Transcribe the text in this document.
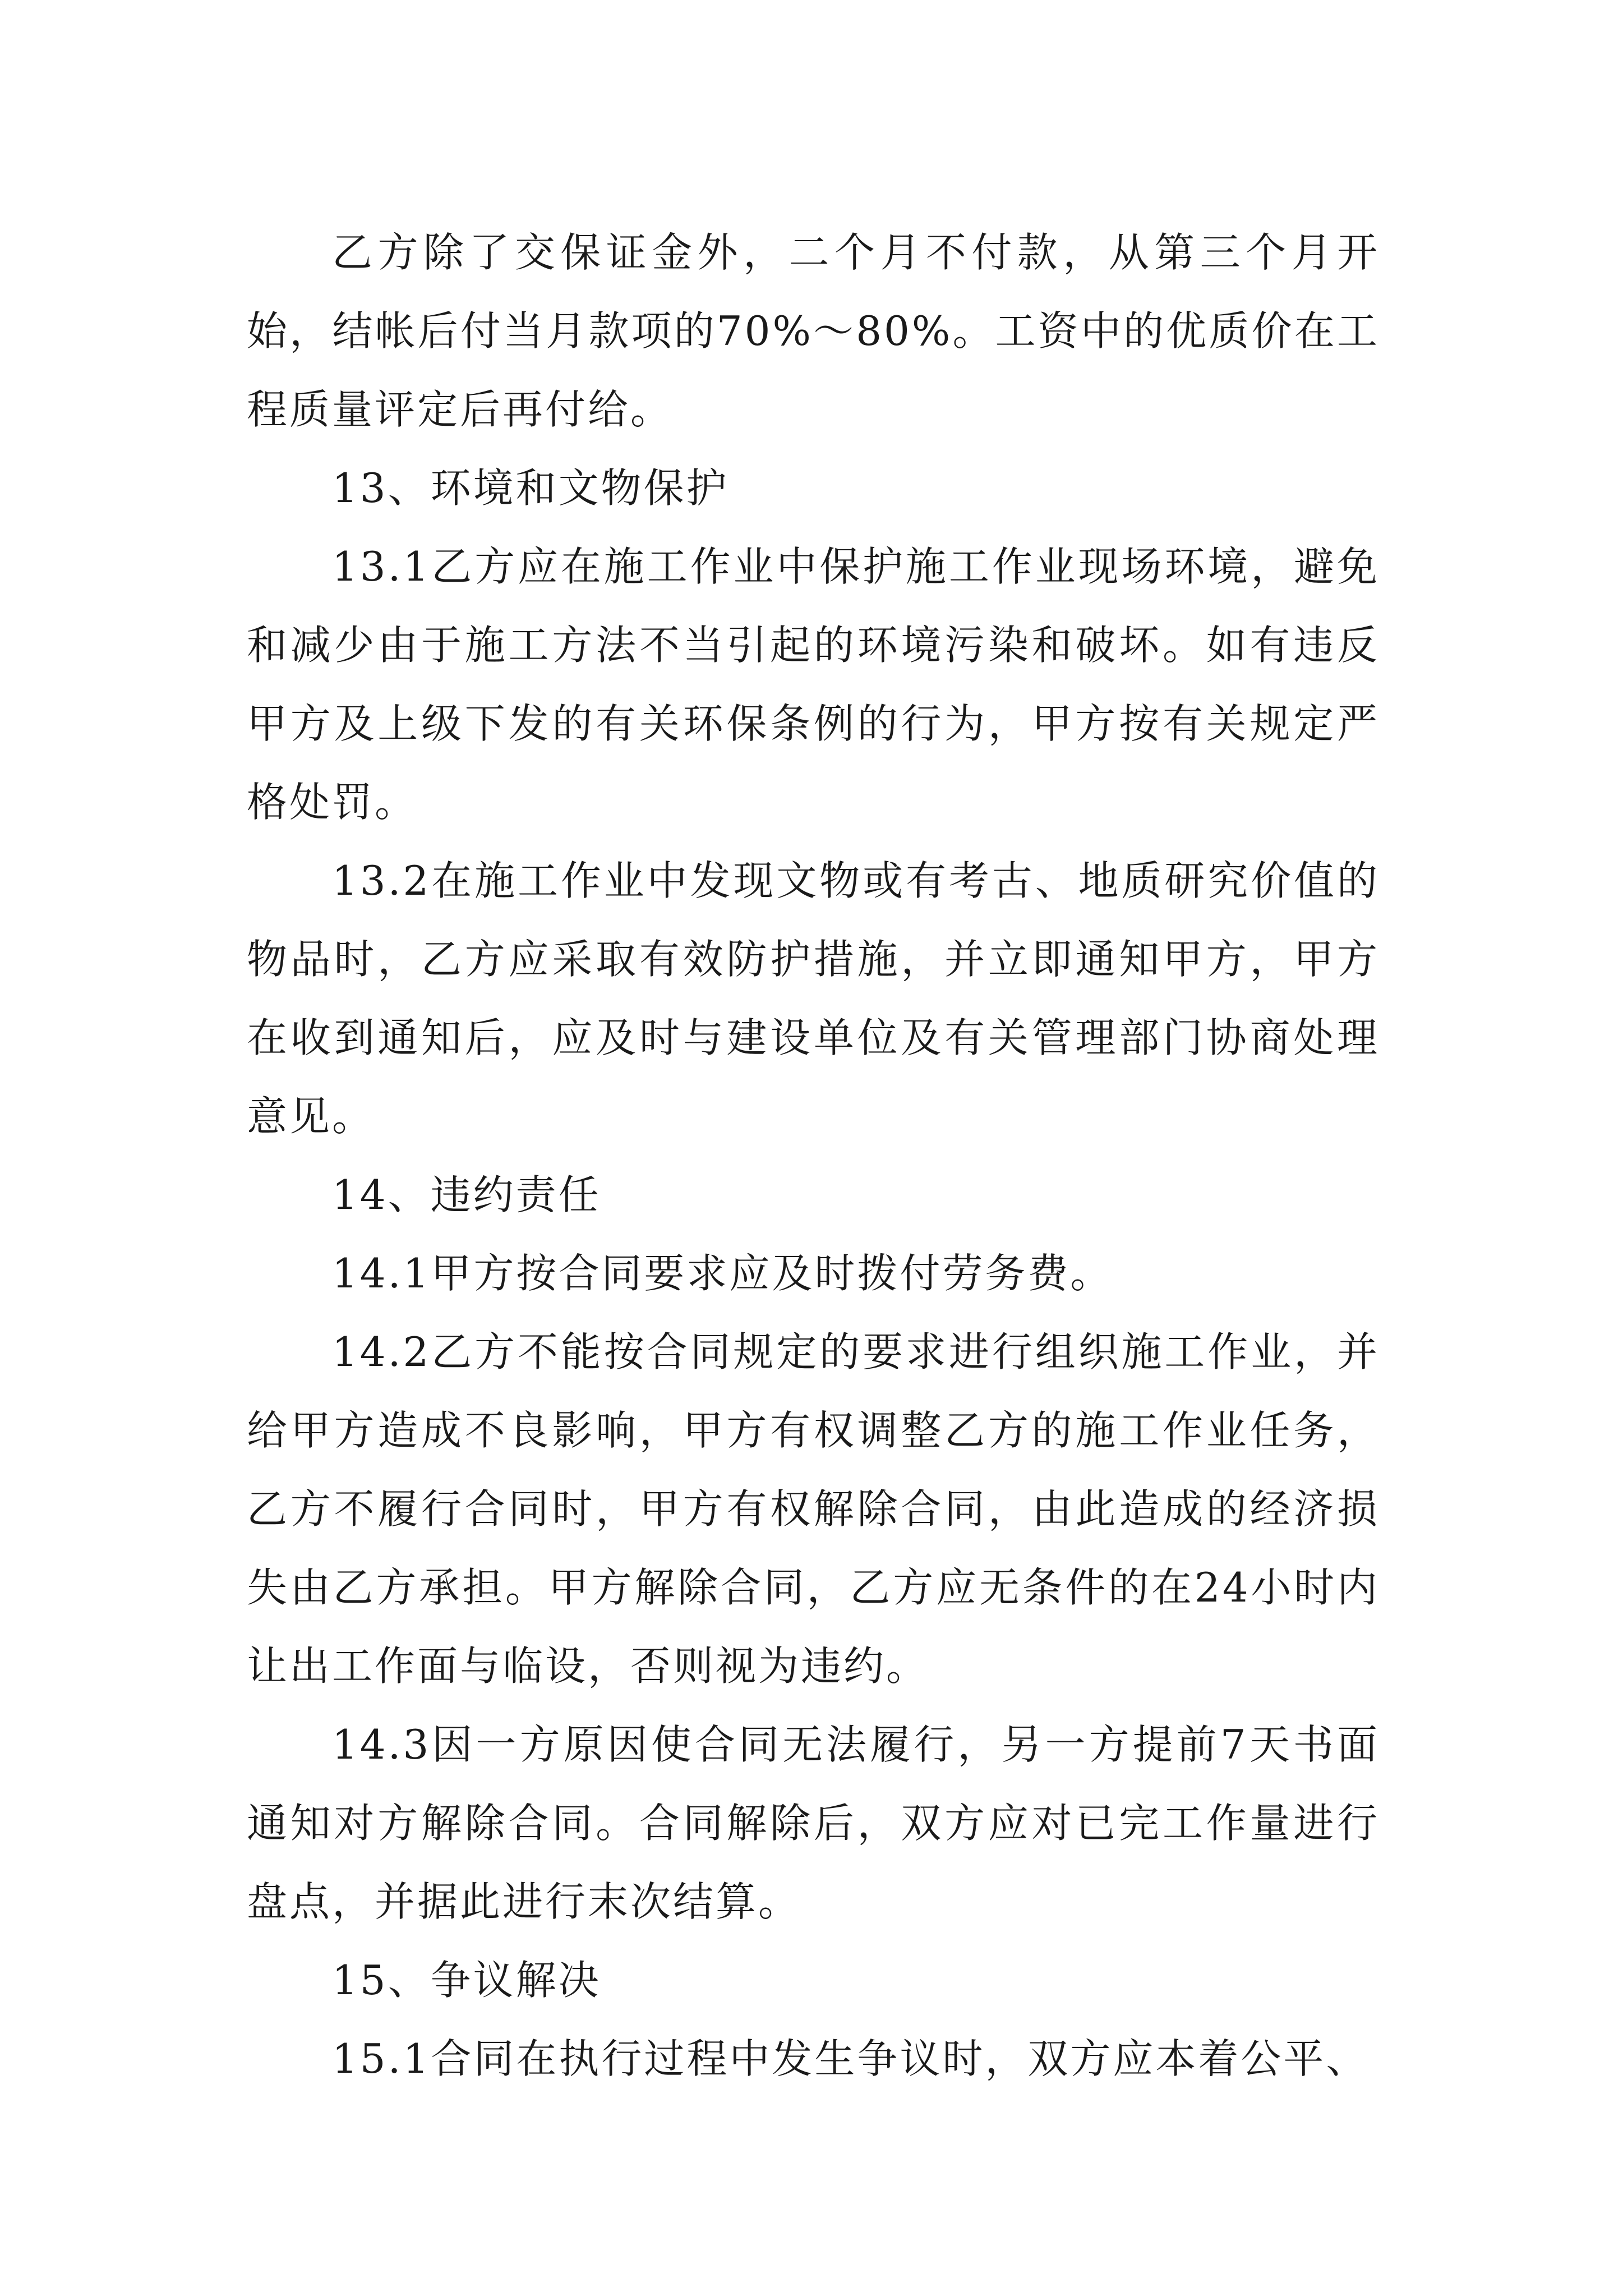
乙方除了交保证金外，二个月不付款，从第三个月开始，结帐后付当月款项的70%～80%。工资中的优质价在工程质量评定后再付给。

13、环境和文物保护

13.1乙方应在施工作业中保护施工作业现场环境，避免和减少由于施工方法不当引起的环境污染和破坏。如有违反甲方及上级下发的有关环保条例的行为，甲方按有关规定严格处罚。

13.2在施工作业中发现文物或有考古、地质研究价值的物品时，乙方应采取有效防护措施，并立即通知甲方，甲方在收到通知后，应及时与建设单位及有关管理部门协商处理意见。

14、违约责任

14.1甲方按合同要求应及时拨付劳务费。

14.2乙方不能按合同规定的要求进行组织施工作业，并给甲方造成不良影响，甲方有权调整乙方的施工作业任务，乙方不履行合同时，甲方有权解除合同，由此造成的经济损失由乙方承担。甲方解除合同，乙方应无条件的在24小时内让出工作面与临设，否则视为违约。

14.3因一方原因使合同无法履行，另一方提前7天书面通知对方解除合同。合同解除后，双方应对已完工作量进行盘点，并据此进行末次结算。

15、争议解决

15.1合同在执行过程中发生争议时，双方应本着公平、
